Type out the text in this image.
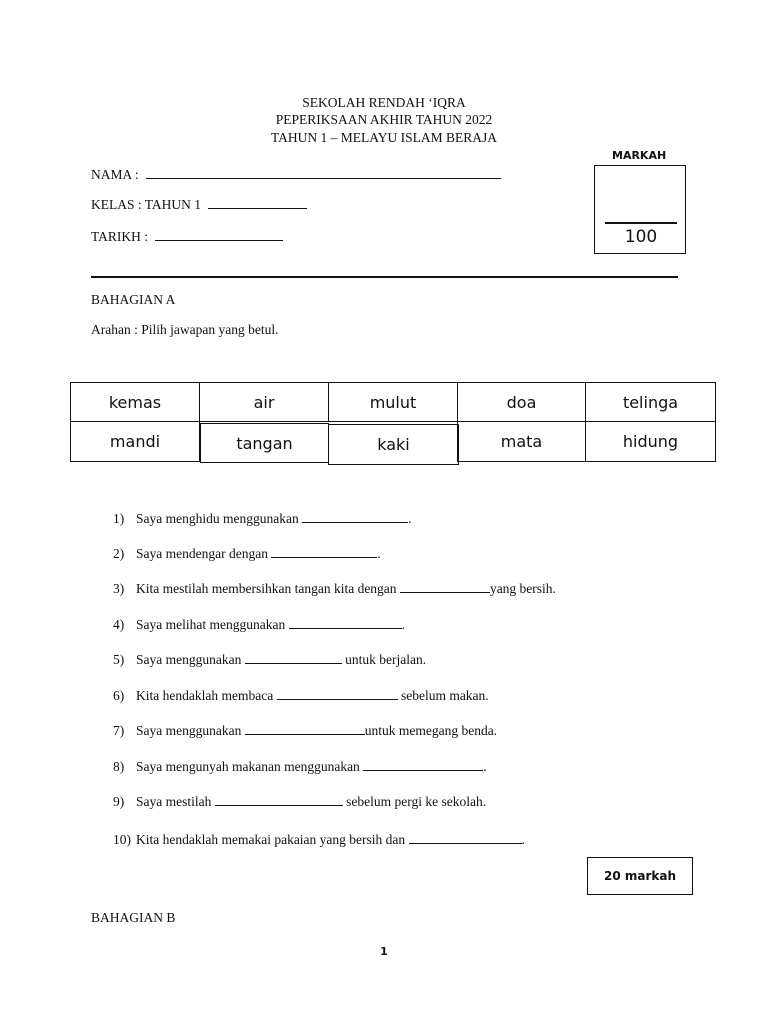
SEKOLAH RENDAH ‘IQRA
PEPERIKSAAN AKHIR TAHUN 2022
TAHUN 1 – MELAYU ISLAM BERAJA
NAMA :
KELAS : TAHUN 1
TARIKH :
MARKAH
100
BAHAGIAN A
Arahan : Pilih jawapan yang betul.
kemas	air	mulut	doa	telinga
mandi	tangan	kaki	mata	hidung
1) Saya menghidu menggunakan	.
2) Saya mendengar dengan	.
3) Kita mestilah membersihkan tangan kita dengan	yang bersih.
4) Saya melihat menggunakan	.
5) Saya menggunakan	untuk berjalan.
6) Kita hendaklah membaca	sebelum makan.
7) Saya menggunakan	untuk memegang benda.
8) Saya mengunyah makanan menggunakan	.
9) Saya mestilah	sebelum pergi ke sekolah.
10) Kita hendaklah memakai pakaian yang bersih dan	.
20 markah
BAHAGIAN B
1
